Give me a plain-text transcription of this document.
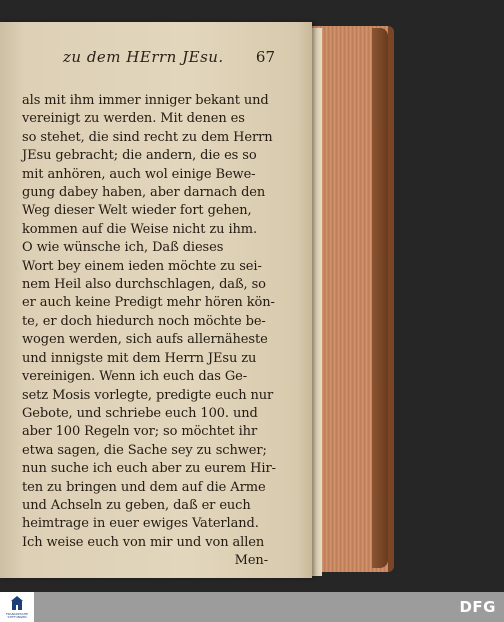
zu dem HErrn JEsu. 67
als mit ihm immer inniger bekant und
vereinigt zu werden. Mit denen es
so stehet, die sind recht zu dem Herrn
JEsu gebracht; die andern, die es so
mit anhören, auch wol einige Bewe-
gung dabey haben, aber darnach den
Weg dieser Welt wieder fort gehen,
kommen auf die Weise nicht zu ihm.
O wie wünsche ich, Daß dieses
Wort bey einem ieden möchte zu sei-
nem Heil also durchschlagen, daß, so
er auch keine Predigt mehr hören kön-
te, er doch hiedurch noch möchte be-
wogen werden, sich aufs allernäheste
und innigste mit dem Herrn JEsu zu
vereinigen. Wenn ich euch das Ge-
setz Mosis vorlegte, predigte euch nur
Gebote, und schriebe euch 100. und
aber 100 Regeln vor; so möchtet ihr
etwa sagen, die Sache sey zu schwer;
nun suche ich euch aber zu eurem Hir-
ten zu bringen und dem auf die Arme
und Achseln zu geben, daß er euch
heimtrage in euer ewiges Vaterland.
Ich weise euch von mir und von allen
Men-
FRANCKESCHE STIFTUNGEN
DFG
